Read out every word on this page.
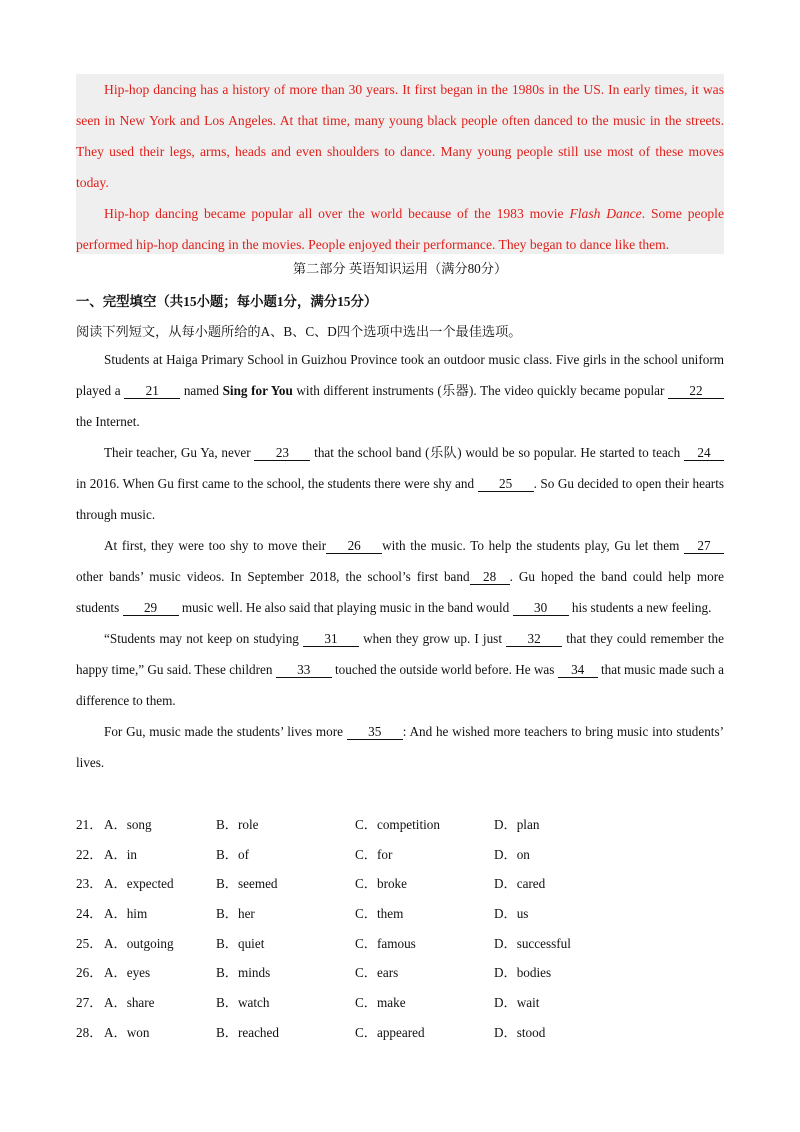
Hip-hop dancing has a history of more than 30 years. It first began in the 1980s in the US. In early times, it was seen in New York and Los Angeles. At that time, many young black people often danced to the music in the streets. They used their legs, arms, heads and even shoulders to dance. Many young people still use most of these moves today.

Hip-hop dancing became popular all over the world because of the 1983 movie Flash Dance. Some people performed hip-hop dancing in the movies. People enjoyed their performance. They began to dance like them.

第二部分 英语知识运用（满分80分）
一、完型填空（共15小题；每小题1分，满分15分）
阅读下列短文，从每小题所给的A、B、C、D四个选项中选出一个最佳选项。

Students at Haiga Primary School in Guizhou Province took an outdoor music class. Five girls in the school uniform played a 21 named Sing for You with different instruments (乐器). The video quickly became popular 22 the Internet.

Their teacher, Gu Ya, never 23 that the school band (乐队) would be so popular. He started to teach 24 in 2016. When Gu first came to the school, the students there were shy and 25 . So Gu decided to open their hearts through music.

At first, they were too shy to move their 26 with the music. To help the students play, Gu let them 27 other bands’ music videos. In September 2018, the school’s first band 28 . Gu hoped the band could help more students 29 music well. He also said that playing music in the band would 30 his students a new feeling.

“Students may not keep on studying 31 when they grow up. I just 32 that they could remember the happy time,” Gu said. These children 33 touched the outside world before. He was 34 that music made such a difference to them.

For Gu, music made the students’ lives more 35 : And he wished more teachers to bring music into students’ lives.

21． A．song	B．role	C．competition	D．plan
22． A．in	B．of	C．for	D．on
23． A．expected	B．seemed	C．broke	D．cared
24． A．him	B．her	C．them	D．us
25． A．outgoing	B．quiet	C．famous	D．successful
26． A．eyes	B．minds	C．ears	D．bodies
27． A．share	B．watch	C．make	D．wait
28． A．won	B．reached	C．appeared	D．stood
